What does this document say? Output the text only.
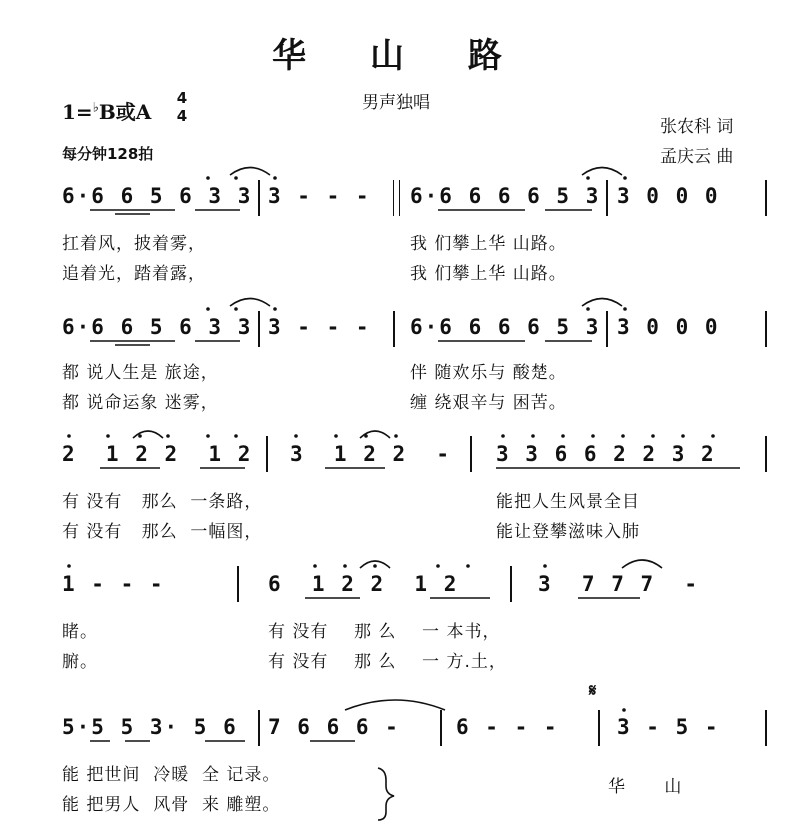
华 山 路
男声独唱
1=♭B或A
4
4
每分钟128拍
张农科 词
孟庆云 曲
6·6 6 5 6 3 3 3 - - - 6·6 6 6 6 5 3 3 0 0 0
扛着风，披着雾，	我 们攀上华 山路。
追着光，踏着露，	我 们攀上华 山路。
6·6 6 5 6 3 3 3 - - - 6·6 6 6 6 5 3 3 0 0 0
都 说人生是 旅途，	伴 随欢乐与 酸楚。
都 说命运象 迷雾，	缠 绕艰辛与 困苦。
2  1 2 2  1 2 3  1 2 2  - 3 3 6 6 2 2 3 2
有 没有   那么  一条路，	能把人生风景全目
有 没有   那么  一幅图，	能让登攀滋味入肺
1 - - -	6  1 2 2  1 2	3  7 7 7  -
睹。	有 没有    那 么    一 本书，
腑。	有 没有    那 么    一 方.土，
𝄋
5·5 5 3· 5 6 7 6 6 6 -	6 - - -	3 - 5 -
能 把世间  冷暖  全 记录。
能 把男人  风骨  来 雕塑。
华      山
